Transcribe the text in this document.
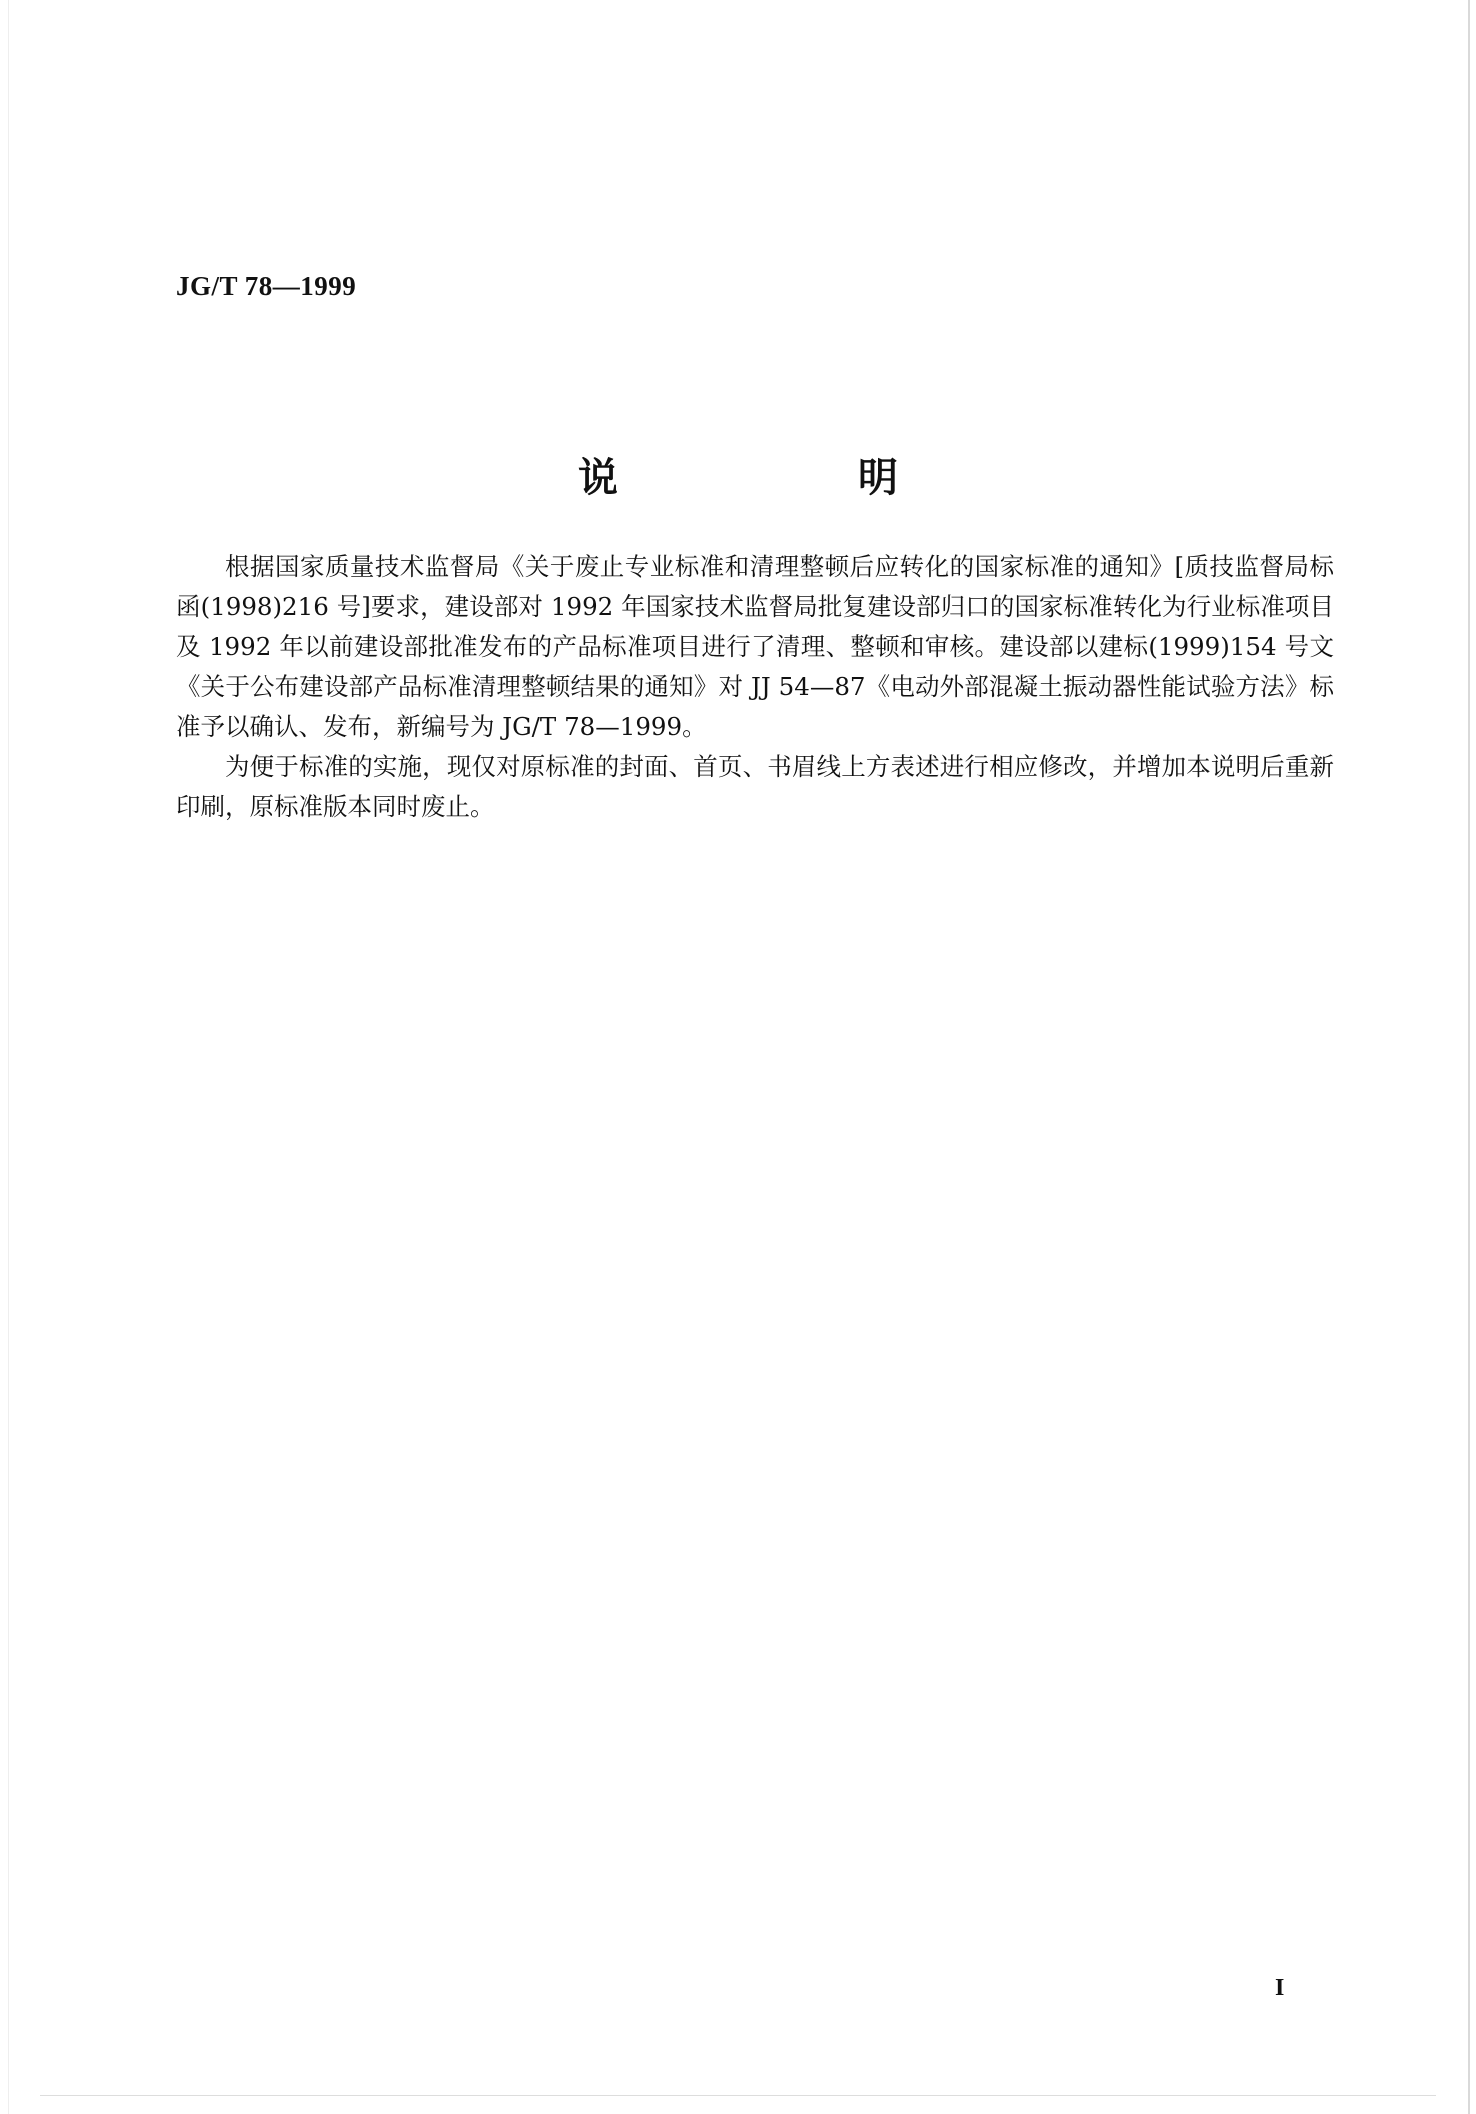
JG/T 78—1999
说　明

根据国家质量技术监督局《关于废止专业标准和清理整顿后应转化的国家标准的通知》[质技监督局标函(1998)216 号]要求，建设部对 1992 年国家技术监督局批复建设部归口的国家标准转化为行业标准项目及 1992 年以前建设部批准发布的产品标准项目进行了清理、整顿和审核。建设部以建标(1999)154 号文《关于公布建设部产品标准清理整顿结果的通知》对 JJ 54—87《电动外部混凝土振动器性能试验方法》标准予以确认、发布，新编号为 JG/T 78—1999。

为便于标准的实施，现仅对原标准的封面、首页、书眉线上方表述进行相应修改，并增加本说明后重新印刷，原标准版本同时废止。

I
